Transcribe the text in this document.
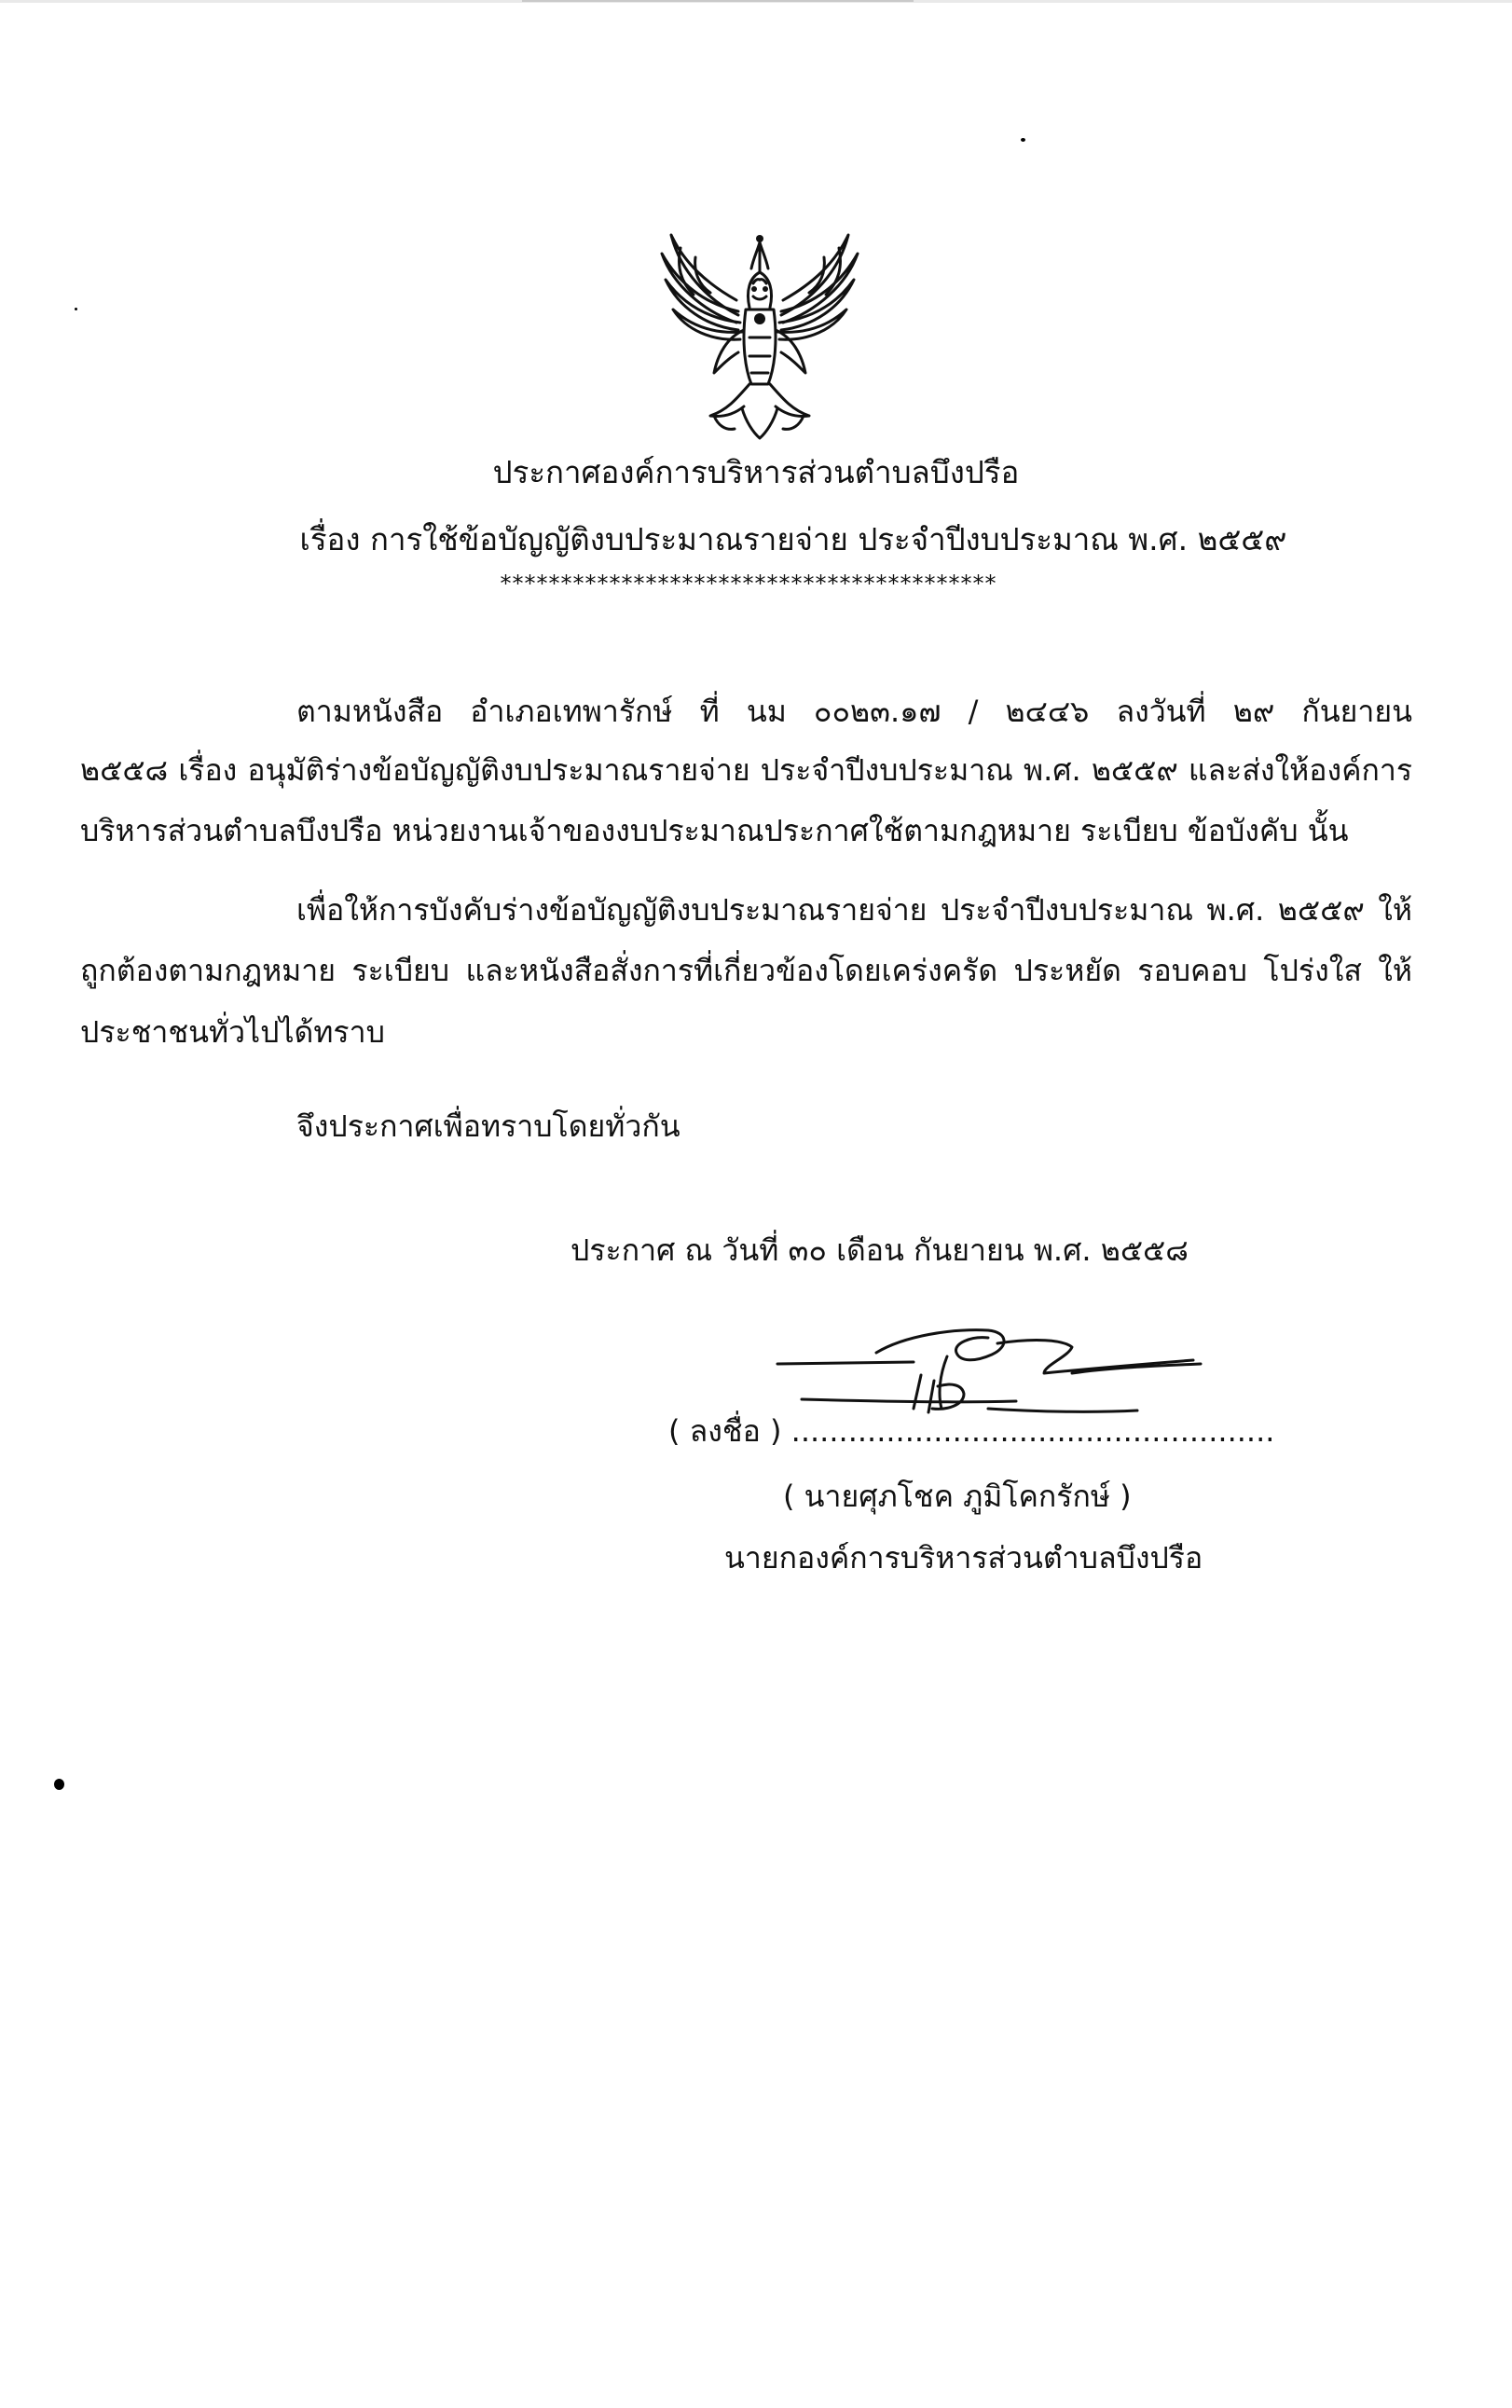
ประกาศองค์การบริหารส่วนตำบลบึงปรือ
เรื่อง การใช้ข้อบัญญัติงบประมาณรายจ่าย ประจำปีงบประมาณ พ.ศ. ๒๕๕๙
*****************************************
ตามหนังสือ อำเภอเทพารักษ์ ที่ นม ๐๐๒๓.๑๗ / ๒๔๔๖ ลงวันที่ ๒๙ กันยายน
๒๕๕๘ เรื่อง อนุมัติร่างข้อบัญญัติงบประมาณรายจ่าย ประจำปีงบประมาณ พ.ศ. ๒๕๕๙ และส่งให้องค์การ
บริหารส่วนตำบลบึงปรือ หน่วยงานเจ้าของงบประมาณประกาศใช้ตามกฎหมาย ระเบียบ ข้อบังคับ นั้น
เพื่อให้การบังคับร่างข้อบัญญัติงบประมาณรายจ่าย ประจำปีงบประมาณ พ.ศ. ๒๕๕๙ ให้
ถูกต้องตามกฎหมาย ระเบียบ และหนังสือสั่งการที่เกี่ยวข้องโดยเคร่งครัด ประหยัด รอบคอบ โปร่งใส ให้
ประชาชนทั่วไปได้ทราบ
จึงประกาศเพื่อทราบโดยทั่วกัน
ประกาศ ณ วันที่ ๓๐ เดือน กันยายน พ.ศ. ๒๕๕๘
( ลงชื่อ ) ...................................................
( นายศุภโชค ภูมิโคกรักษ์ )
นายกองค์การบริหารส่วนตำบลบึงปรือ
